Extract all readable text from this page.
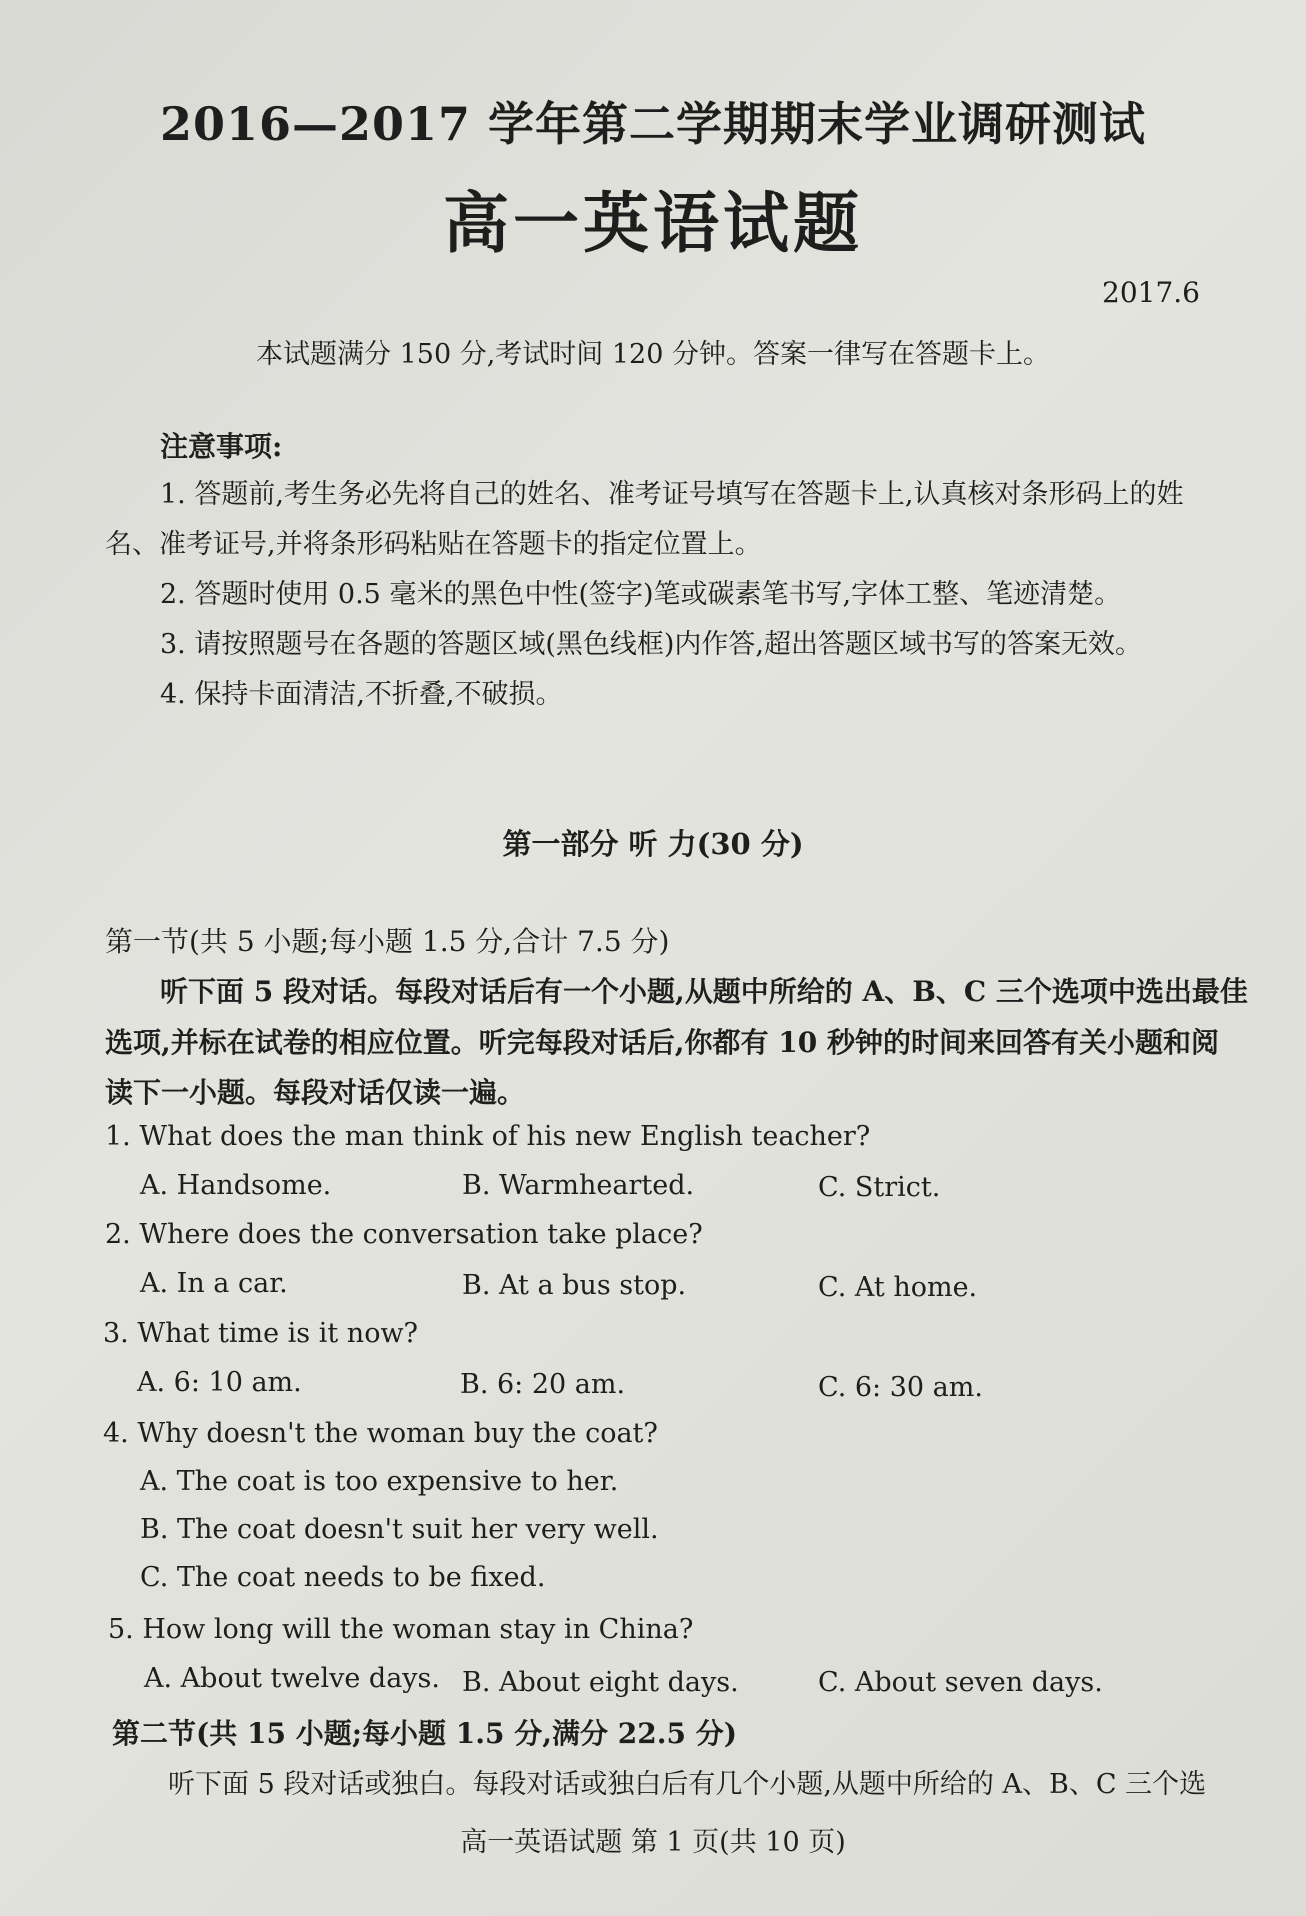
2016—2017 学年第二学期期末学业调研测试
高一英语试题
2017.6
本试题满分 150 分,考试时间 120 分钟。答案一律写在答题卡上。
注意事项:
1. 答题前,考生务必先将自己的姓名、准考证号填写在答题卡上,认真核对条形码上的姓
名、准考证号,并将条形码粘贴在答题卡的指定位置上。
2. 答题时使用 0.5 毫米的黑色中性(签字)笔或碳素笔书写,字体工整、笔迹清楚。
3. 请按照题号在各题的答题区域(黑色线框)内作答,超出答题区域书写的答案无效。
4. 保持卡面清洁,不折叠,不破损。
第一部分 听 力(30 分)
第一节(共 5 小题;每小题 1.5 分,合计 7.5 分)
听下面 5 段对话。每段对话后有一个小题,从题中所给的 A、B、C 三个选项中选出最佳
选项,并标在试卷的相应位置。听完每段对话后,你都有 10 秒钟的时间来回答有关小题和阅
读下一小题。每段对话仅读一遍。
1. What does the man think of his new English teacher?
A. Handsome.	B. Warmhearted.	C. Strict.
2. Where does the conversation take place?
A. In a car.	B. At a bus stop.	C. At home.
3. What time is it now?
A. 6: 10 am.	B. 6: 20 am.	C. 6: 30 am.
4. Why doesn't the woman buy the coat?
A. The coat is too expensive to her.
B. The coat doesn't suit her very well.
C. The coat needs to be fixed.
5. How long will the woman stay in China?
A. About twelve days. B. About eight days.	C. About seven days.
第二节(共 15 小题;每小题 1.5 分,满分 22.5 分)
听下面 5 段对话或独白。每段对话或独白后有几个小题,从题中所给的 A、B、C 三个选
高一英语试题 第 1 页(共 10 页)
